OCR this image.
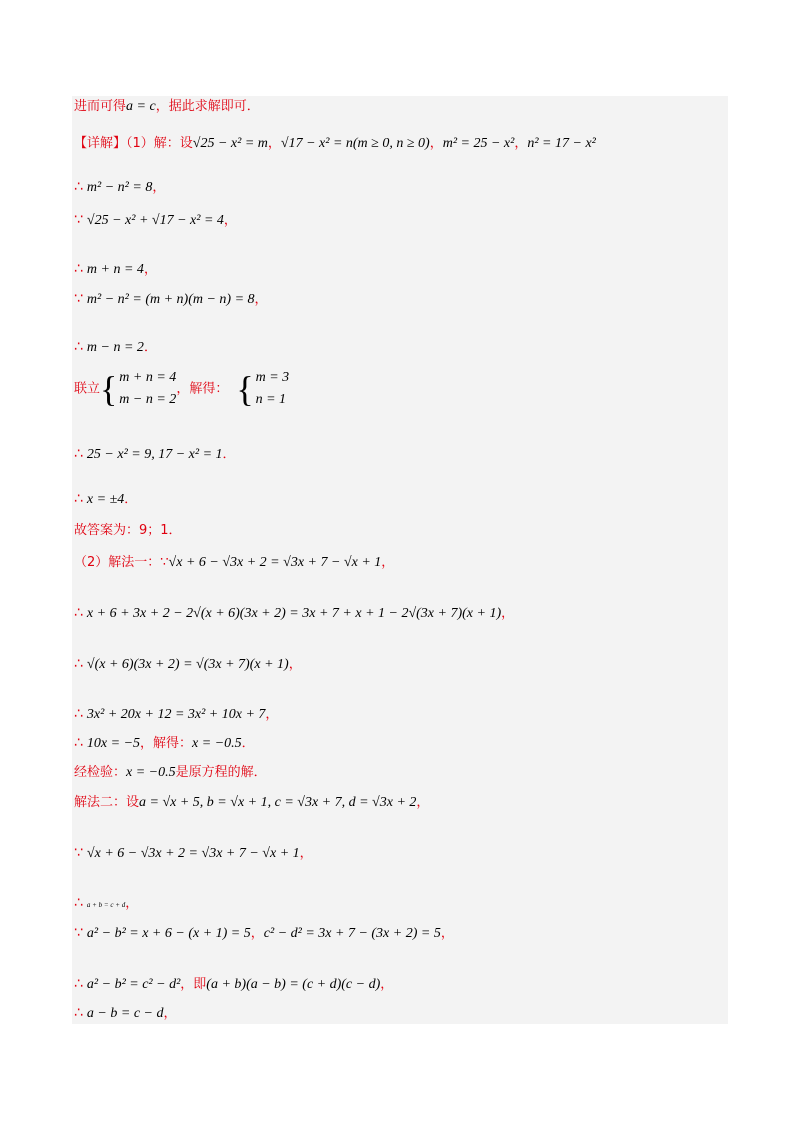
进而可得a = c，据此求解即可．
【详解】（1）解：设√25 − x² = m，√17 − x² = n(m ≥ 0, n ≥ 0)，m² = 25 − x²，n² = 17 − x²
∴ m² − n² = 8，
∵ √25 − x² + √17 − x² = 4，
∴ m + n = 4，
∵ m² − n² = (m + n)(m − n) = 8，
∴ m − n = 2．
∴ 25 − x² = 9, 17 − x² = 1．
∴ x = ±4．
故答案为：9；1．
（2）解法一：∵√x + 6 − √3x + 2 = √3x + 7 − √x + 1，
∴ x + 6 + 3x + 2 − 2√(x + 6)(3x + 2) = 3x + 7 + x + 1 − 2√(3x + 7)(x + 1)，
∴ √(x + 6)(3x + 2) = √(3x + 7)(x + 1)，
∴ 3x² + 20x + 12 = 3x² + 10x + 7，
∴ 10x = −5，解得：x = −0.5．
经检验：x = −0.5是原方程的解．
解法二：设a = √x + 5, b = √x + 1, c = √3x + 7, d = √3x + 2，
∵ √x + 6 − √3x + 2 = √3x + 7 − √x + 1，
∴ a + b = c + d，
∵ a² − b² = x + 6 − (x + 1) = 5，c² − d² = 3x + 7 − (3x + 2) = 5，
∴ a² − b² = c² − d²，即(a + b)(a − b) = (c + d)(c − d)，
∴ a − b = c − d，
联立{ m + n = 4
m − n = 2，解得： { m = 3
n = 1
